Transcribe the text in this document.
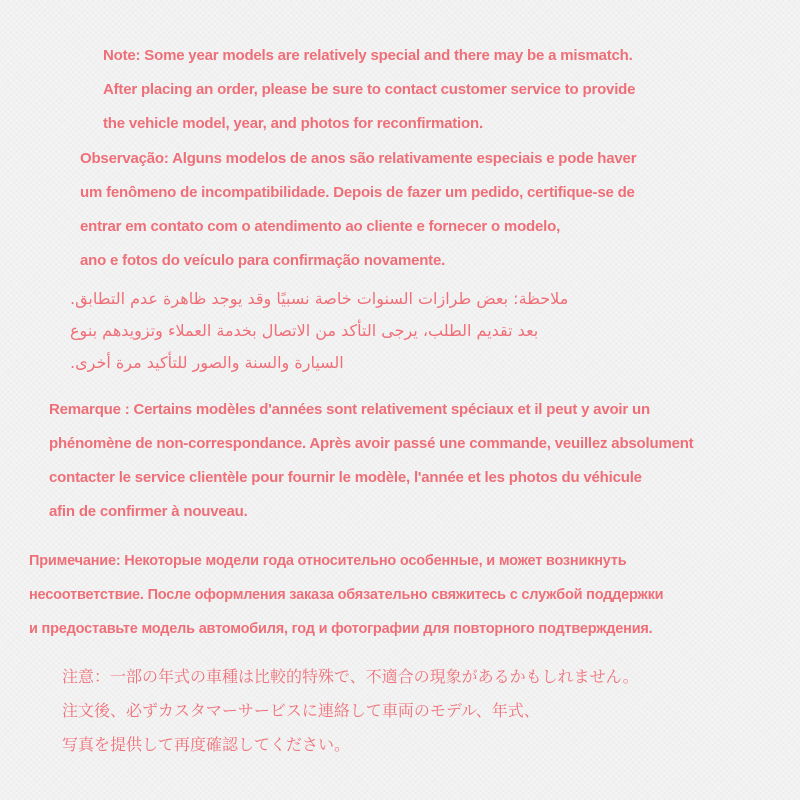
Note: Some year models are relatively special and there may be a mismatch.

After placing an order, please be sure to contact customer service to provide

the vehicle model, year, and photos for reconfirmation.

Observação: Alguns modelos de anos são relativamente especiais e pode haver

um fenômeno de incompatibilidade. Depois de fazer um pedido, certifique-se de

entrar em contato com o atendimento ao cliente e fornecer o modelo,

ano e fotos do veículo para confirmação novamente.

ملاحظة: بعض طرازات السنوات خاصة نسبيًا وقد يوجد ظاهرة عدم التطابق.

بعد تقديم الطلب، يرجى التأكد من الاتصال بخدمة العملاء وتزويدهم بنوع

السيارة والسنة والصور للتأكيد مرة أخرى.

Remarque : Certains modèles d'années sont relativement spéciaux et il peut y avoir un

phénomène de non-correspondance. Après avoir passé une commande, veuillez absolument

contacter le service clientèle pour fournir le modèle, l'année et les photos du véhicule

afin de confirmer à nouveau.

Примечание: Некоторые модели года относительно особенные, и может возникнуть

несоответствие. После оформления заказа обязательно свяжитесь с службой поддержки

и предоставьте модель автомобиля, год и фотографии для повторного подтверждения.

注意：一部の年式の車種は比較的特殊で、不適合の現象があるかもしれません。

注文後、必ずカスタマーサービスに連絡して車両のモデル、年式、

写真を提供して再度確認してください。
